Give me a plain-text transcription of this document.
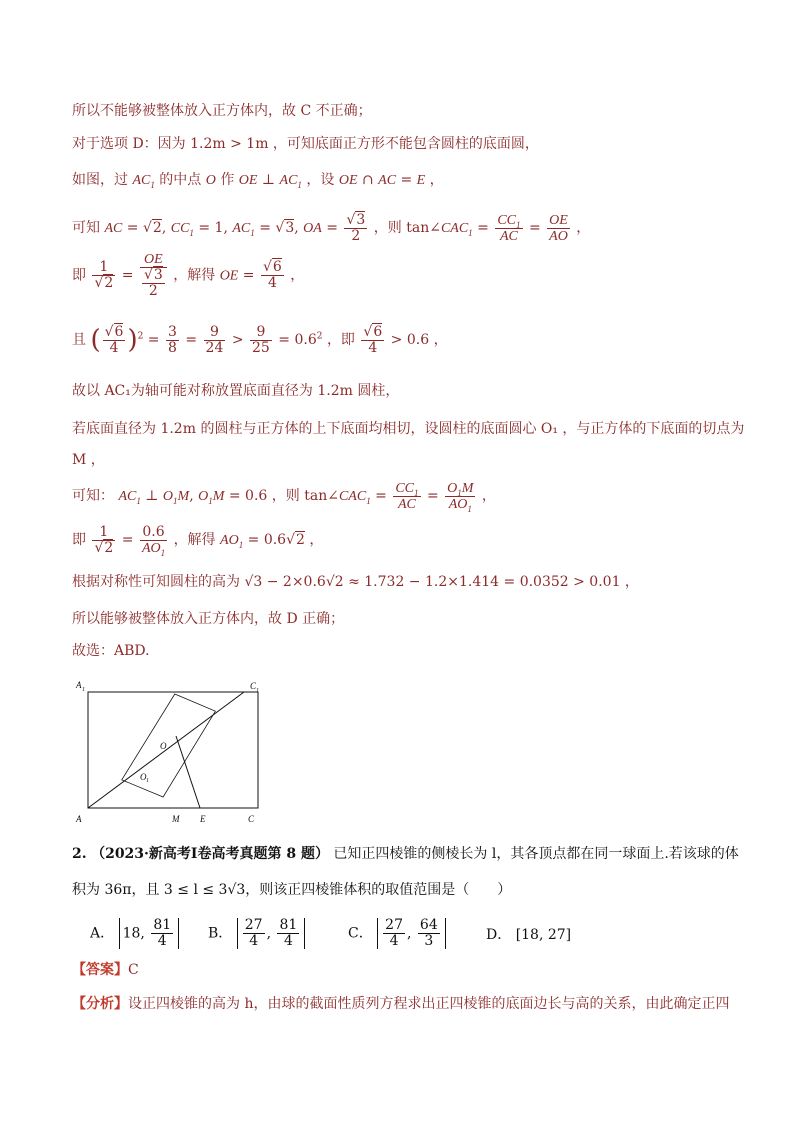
所以不能够被整体放入正方体内，故 C 不正确；
对于选项 D：因为 1.2m > 1m ，可知底面正方形不能包含圆柱的底面圆，
如图，过 $AC_1$ 的中点 O 作 OE ⊥ $AC_1$ ，设 OE ∩ AC = E ，
可知 AC = √2, $CC_1 = 1$, $AC_1 = √3$, OA = $\frac{√3}{2}$ ，则 $\tan\angle CAC_1 = \frac{CC_1}{AC} = \frac{OE}{AO}$ ，
即 $\frac{1}{√2} = \frac{OE}{\frac{√3}{2}}$ ，解得 OE = $\frac{√6}{4}$ ，
且 ( $\frac{√6}{4} )^2 = \frac{3}{8} = \frac{9}{24} > \frac{9}{25} = 0.6^2$ ，即 $\frac{√6}{4} > 0.6$ ，
故以 AC₁为轴可能对称放置底面直径为 1.2m 圆柱，
若底面直径为 1.2m 的圆柱与正方体的上下底面均相切，设圆柱的底面圆心 O₁ ，与正方体的下底面的切点为
M ，
可知： $AC_1$ ⊥ $O_1M$, $O_1M = 0.6$ ，则 $\tan\angle CAC_1 = \frac{CC_1}{AC} = \frac{O_1M}{AO_1}$ ，
即 $\frac{1}{√2} = \frac{0.6}{AO_1}$ ，解得 $AO_1 = 0.6√2$ ，
根据对称性可知圆柱的高为 √3 − 2×0.6√2 ≈ 1.732 − 1.2×1.414 = 0.0352 > 0.01 ，
所以能够被整体放入正方体内，故 D 正确；
故选：ABD.
A 1	C 1
O
O 1
A	M E	C
2. （2023·新高考Ⅰ卷高考真题第 8 题） 已知正四棱锥的侧棱长为 l，其各顶点都在同一球面上.若该球的体
积为 36π，且 3 ≤ l ≤ 3√3，则该正四棱锥体积的取值范围是（　　）
A． 18, $\frac{81}{4}$ B． $\frac{27}{4}$ , $\frac{81}{4}$	C． $\frac{27}{4}$ , $\frac{64}{3}$	D． [18, 27]
【答案】C
【分析】设正四棱锥的高为 h，由球的截面性质列方程求出正四棱锥的底面边长与高的关系，由此确定正四
